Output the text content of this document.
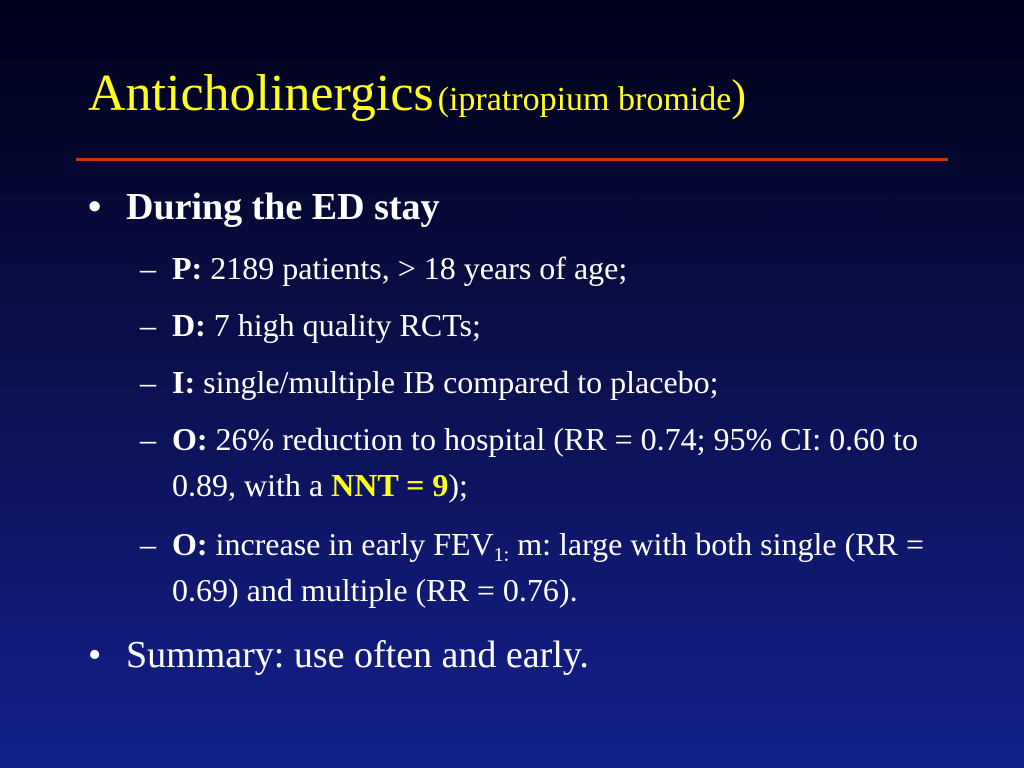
Anticholinergics (ipratropium bromide)
• During the ED stay
– P: 2189 patients, > 18 years of age;
– D: 7 high quality RCTs;
– I: single/multiple IB compared to placebo;
– O: 26% reduction to hospital (RR = 0.74; 95% CI: 0.60 to 0.89, with a NNT = 9);
– O: increase in early $FEV_{1:}$ m: large with both single (RR = 0.69) and multiple (RR = 0.76).
• Summary: use often and early.
